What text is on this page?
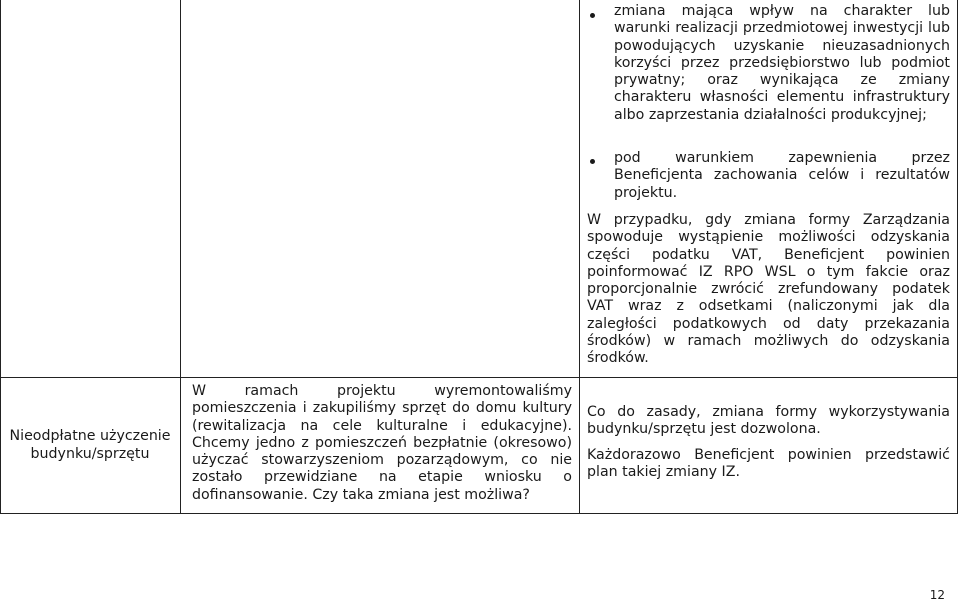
zmiana mająca wpływ na charakter lub warunki realizacji przedmiotowej inwestycji lub powodujących uzyskanie nieuzasadnionych korzyści przez przedsiębiorstwo lub podmiot prywatny; oraz wynikająca ze zmiany charakteru własności elementu infrastruktury albo zaprzestania działalności produkcyjnej;
pod warunkiem zapewnienia przez Beneficjenta zachowania celów i rezultatów projektu.
W przypadku, gdy zmiana formy Zarządzania spowoduje wystąpienie możliwości odzyskania części podatku VAT, Beneficjent powinien poinformować IZ RPO WSL o tym fakcie oraz proporcjonalnie zwrócić zrefundowany podatek VAT wraz z odsetkami (naliczonymi jak dla zaległości podatkowych od daty przekazania środków) w ramach możliwych do odzyskania środków.
Nieodpłatne użyczenie budynku/sprzętu
W ramach projektu wyremontowaliśmy pomieszczenia i zakupiliśmy sprzęt do domu kultury (rewitalizacja na cele kulturalne i edukacyjne). Chcemy jedno z pomieszczeń bezpłatnie (okresowo) użyczać stowarzyszeniom pozarządowym, co nie zostało przewidziane na etapie wniosku o dofinansowanie. Czy taka zmiana jest możliwa?
Co do zasady, zmiana formy wykorzystywania budynku/sprzętu jest dozwolona.
Każdorazowo Beneficjent powinien przedstawić plan takiej zmiany IZ.
12
